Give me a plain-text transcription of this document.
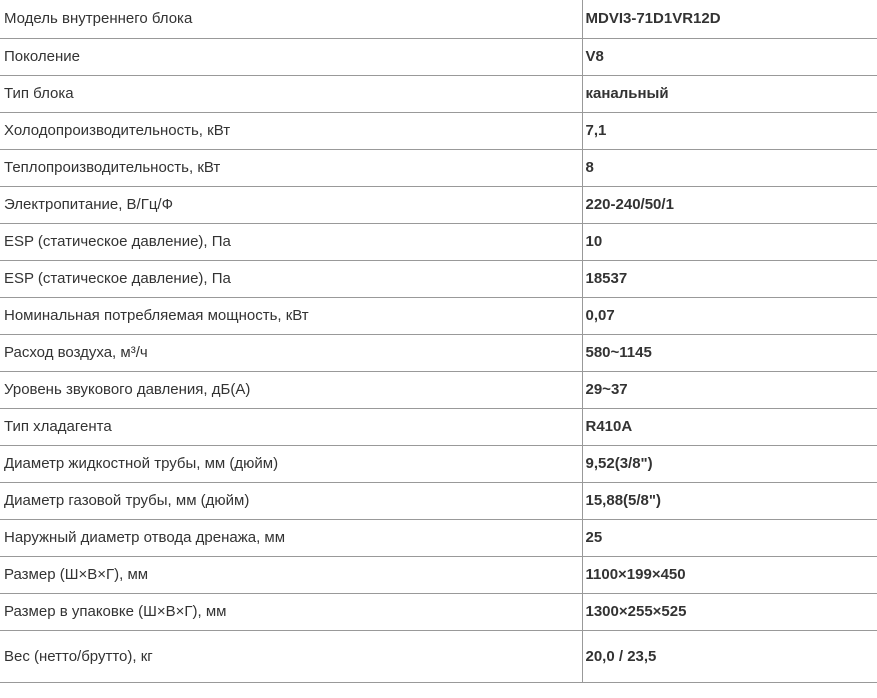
Модель внутреннего блока	MDVI3-71D1VR12D
Поколение	V8
Тип блока	канальный
Холодопроизводительность, кВт	7,1
Теплопроизводительность, кВт	8
Электропитание, В/Гц/Ф	220-240/50/1
ESP (статическое давление), Па	10
ESP (статическое давление), Па	18537
Номинальная потребляемая мощность, кВт	0,07
Расход воздуха, м³/ч	580~1145
Уровень звукового давления, дБ(А)	29~37
Тип хладагента	R410A
Диаметр жидкостной трубы, мм (дюйм)	9,52(3/8")
Диаметр газовой трубы, мм (дюйм)	15,88(5/8")
Наружный диаметр отвода дренажа, мм	25
Размер (Ш×В×Г), мм	1100×199×450
Размер в упаковке (Ш×В×Г), мм	1300×255×525
Вес (нетто/брутто), кг	20,0 / 23,5
